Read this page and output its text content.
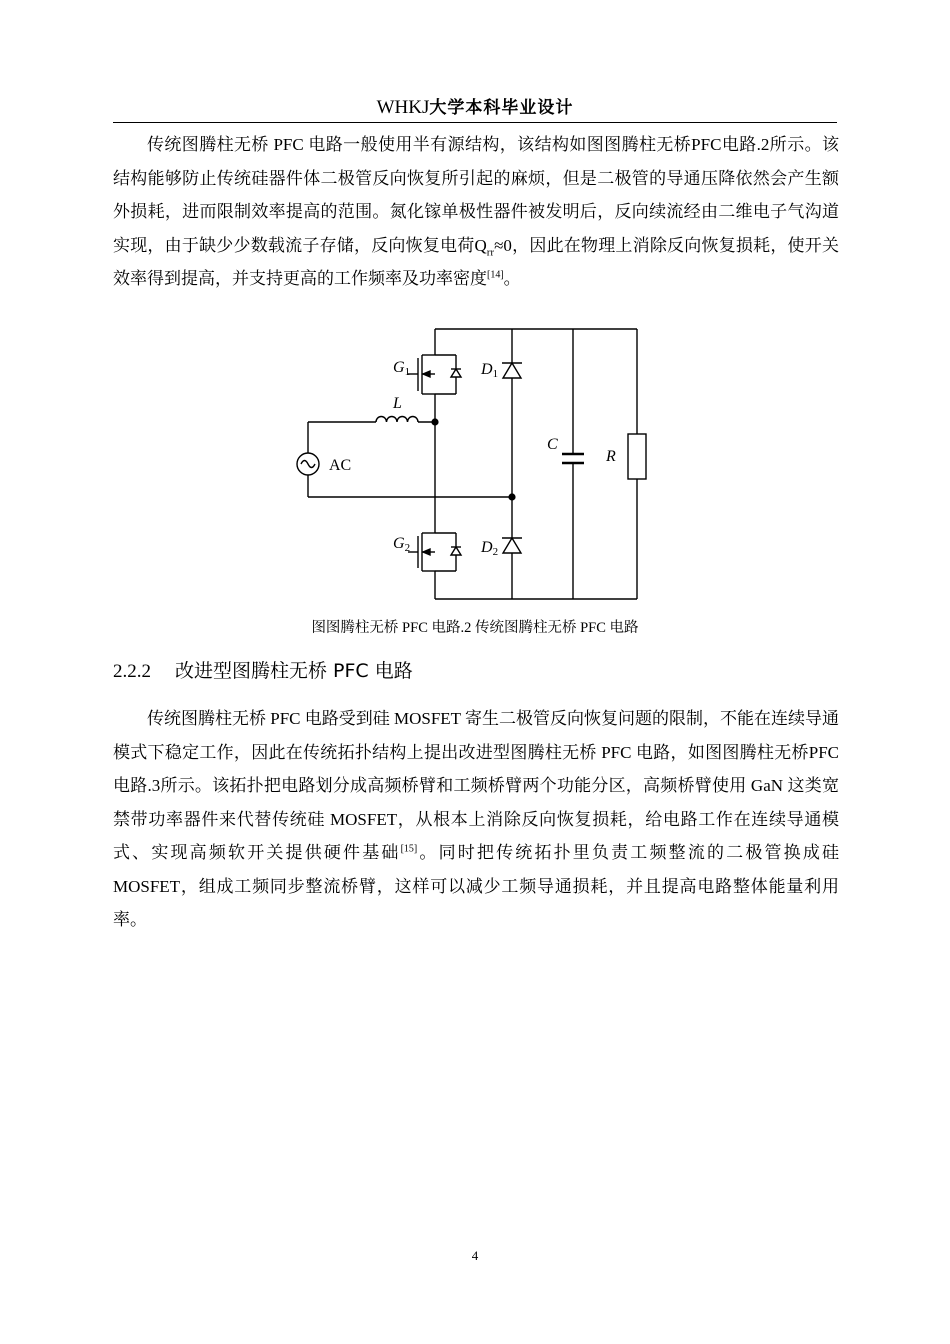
WHKJ大学本科毕业设计

传统图腾柱无桥 PFC 电路一般使用半有源结构，该结构如图图腾柱无桥PFC电路.2所示。该结构能够防止传统硅器件体二极管反向恢复所引起的麻烦，但是二极管的导通压降依然会产生额外损耗，进而限制效率提高的范围。氮化镓单极性器件被发明后，反向续流经由二维电子气沟道实现，由于缺少少数载流子存储，反向恢复电荷$Q_{rr}\approx 0$，因此在物理上消除反向恢复损耗，使开关效率得到提高，并支持更高的工作频率及功率密度[14]。

G1	D1
G2	D2
L
C
R
AC
图图腾柱无桥 PFC 电路.2 传统图腾柱无桥 PFC 电路
2.2.2 改进型图腾柱无桥 PFC 电路

传统图腾柱无桥 PFC 电路受到硅 MOSFET 寄生二极管反向恢复问题的限制，不能在连续导通模式下稳定工作，因此在传统拓扑结构上提出改进型图腾柱无桥 PFC 电路，如图图腾柱无桥PFC电路.3所示。该拓扑把电路划分成高频桥臂和工频桥臂两个功能分区，高频桥臂使用 GaN 这类宽禁带功率器件来代替传统硅 MOSFET，从根本上消除反向恢复损耗，给电路工作在连续导通模式、实现高频软开关提供硬件基础[15]。同时把传统拓扑里负责工频整流的二极管换成硅 MOSFET，组成工频同步整流桥臂，这样可以减少工频导通损耗，并且提高电路整体能量利用率。

4
